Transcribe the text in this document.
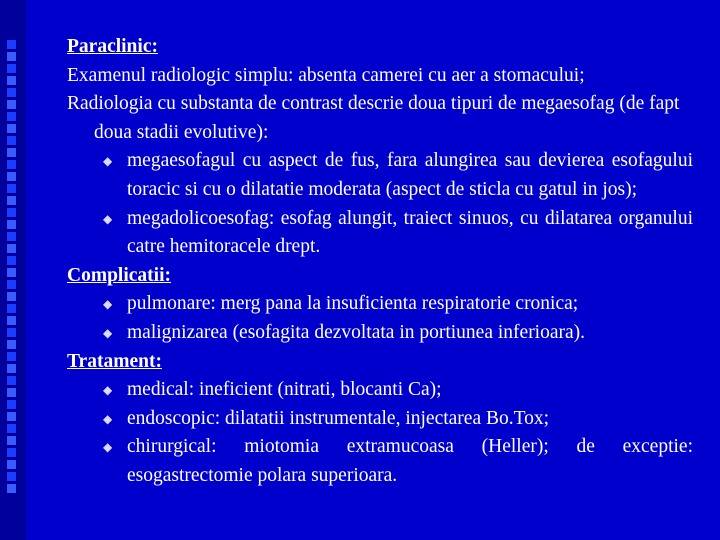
Paraclinic:
Examenul radiologic simplu: absenta camerei cu aer a stomacului;
Radiologia cu substanta de contrast descrie doua tipuri de megaesofag (de fapt doua stadii evolutive):
◆ megaesofagul cu aspect de fus, fara alungirea sau devierea esofagului toracic si cu o dilatatie moderata (aspect de sticla cu gatul in jos);
◆ megadolicoesofag: esofag alungit, traiect sinuos, cu dilatarea organului catre hemitoracele drept.
Complicatii:
◆ pulmonare: merg pana la insuficienta respiratorie cronica;
◆ malignizarea (esofagita dezvoltata in portiunea inferioara).
Tratament:
◆ medical: ineficient (nitrati, blocanti Ca);
◆ endoscopic: dilatatii instrumentale, injectarea Bo.Tox;
◆ chirurgical: miotomia extramucoasa (Heller); de exceptie: esogastrectomie polara superioara.
